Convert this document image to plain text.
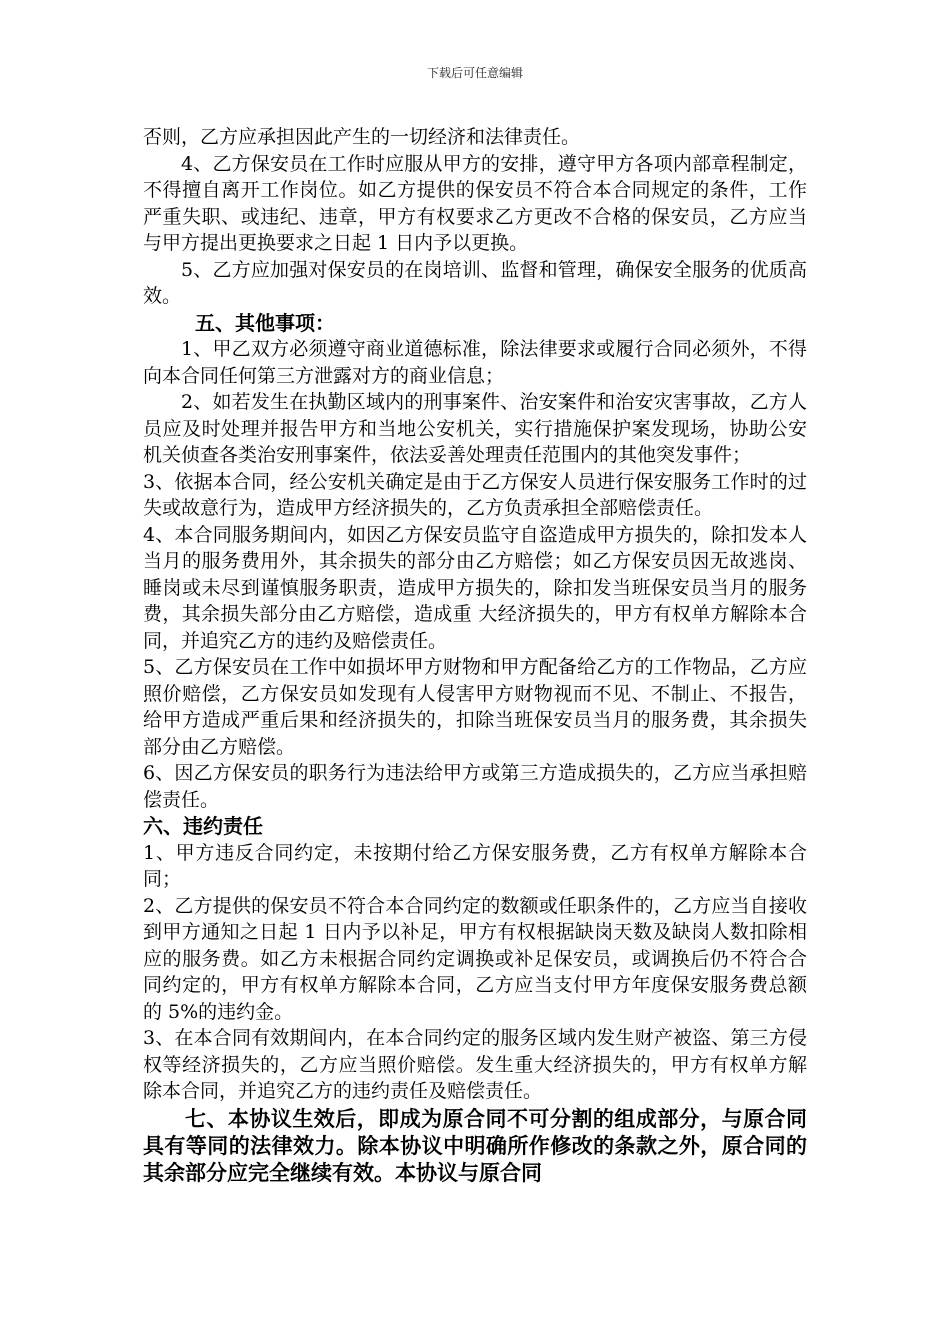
下载后可任意编辑

否则，乙方应承担因此产生的一切经济和法律责任。

4、乙方保安员在工作时应服从甲方的安排，遵守甲方各项内部章程制定，不得擅自离开工作岗位。如乙方提供的保安员不符合本合同规定的条件，工作严重失职、或违纪、违章，甲方有权要求乙方更改不合格的保安员，乙方应当与甲方提出更换要求之日起 1 日内予以更换。

5、乙方应加强对保安员的在岗培训、监督和管理，确保安全服务的优质高效。

五、其他事项：

1、甲乙双方必须遵守商业道德标准，除法律要求或履行合同必须外，不得向本合同任何第三方泄露对方的商业信息；

2、如若发生在执勤区域内的刑事案件、治安案件和治安灾害事故，乙方人员应及时处理并报告甲方和当地公安机关，实行措施保护案发现场，协助公安机关侦查各类治安刑事案件，依法妥善处理责任范围内的其他突发事件；

3、依据本合同，经公安机关确定是由于乙方保安人员进行保安服务工作时的过失或故意行为，造成甲方经济损失的，乙方负责承担全部赔偿责任。

4、本合同服务期间内，如因乙方保安员监守自盗造成甲方损失的，除扣发本人当月的服务费用外，其余损失的部分由乙方赔偿；如乙方保安员因无故逃岗、睡岗或未尽到谨慎服务职责，造成甲方损失的，除扣发当班保安员当月的服务费，其余损失部分由乙方赔偿，造成重 大经济损失的，甲方有权单方解除本合同，并追究乙方的违约及赔偿责任。

5、乙方保安员在工作中如损坏甲方财物和甲方配备给乙方的工作物品，乙方应照价赔偿，乙方保安员如发现有人侵害甲方财物视而不见、不制止、不报告，给甲方造成严重后果和经济损失的，扣除当班保安员当月的服务费，其余损失部分由乙方赔偿。

6、因乙方保安员的职务行为违法给甲方或第三方造成损失的，乙方应当承担赔偿责任。

六、违约责任

1、甲方违反合同约定，未按期付给乙方保安服务费，乙方有权单方解除本合同；

2、乙方提供的保安员不符合本合同约定的数额或任职条件的，乙方应当自接收到甲方通知之日起 1 日内予以补足，甲方有权根据缺岗天数及缺岗人数扣除相应的服务费。如乙方未根据合同约定调换或补足保安员，或调换后仍不符合合同约定的，甲方有权单方解除本合同，乙方应当支付甲方年度保安服务费总额的 5%的违约金。

3、在本合同有效期间内，在本合同约定的服务区域内发生财产被盗、第三方侵权等经济损失的，乙方应当照价赔偿。发生重大经济损失的，甲方有权单方解除本合同，并追究乙方的违约责任及赔偿责任。

七、本协议生效后，即成为原合同不可分割的组成部分，与原合同具有等同的法律效力。除本协议中明确所作修改的条款之外，原合同的其余部分应完全继续有效。本协议与原合同
